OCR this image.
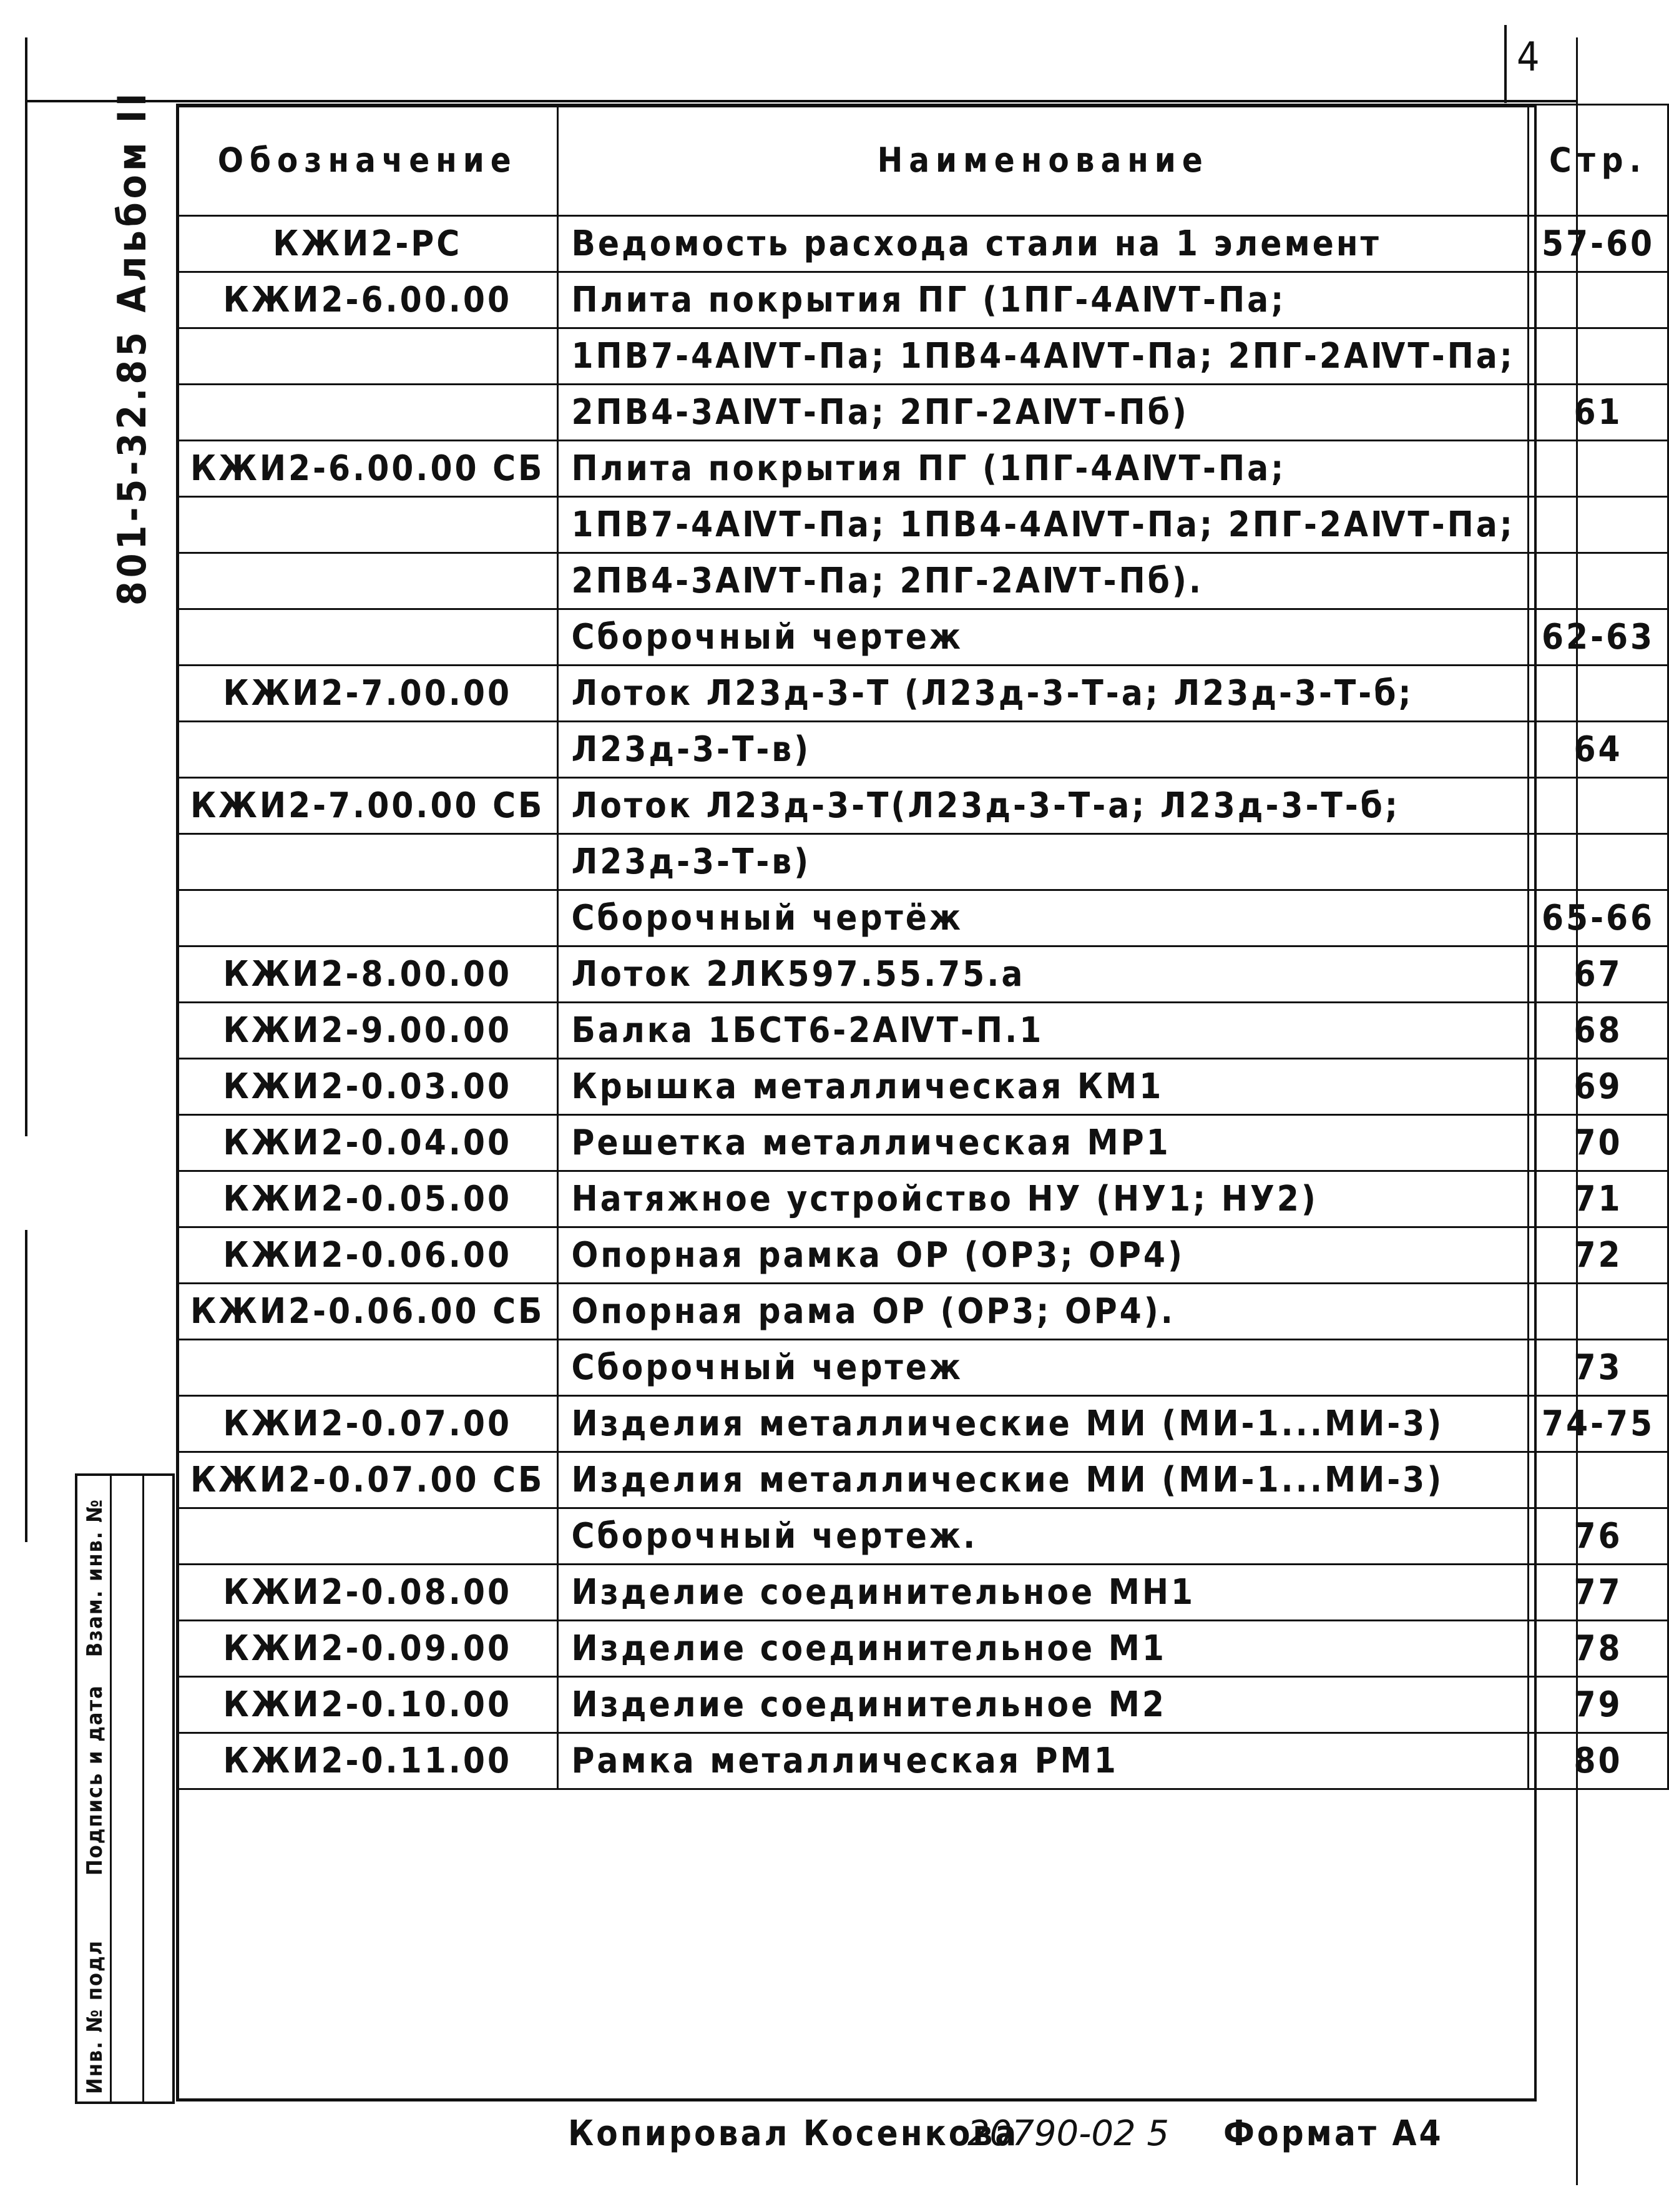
4
801-5-32.85 Альбом II Обозначение	Наименование	Стр.
КЖИ2-РС	Ведомость расхода стали на 1 элемент	57-60
КЖИ2-6.00.00	Плита покрытия ПГ (1ПГ-4АⅣТ-Па;	
	1ПВ7-4АⅣТ-Па; 1ПВ4-4АⅣТ-Па; 2ПГ-2АⅣТ-Па;	
	2ПВ4-3АⅣТ-Па; 2ПГ-2АⅣТ-Пб)	61
КЖИ2-6.00.00 СБ	Плита покрытия ПГ (1ПГ-4АⅣТ-Па;	
	1ПВ7-4АⅣТ-Па; 1ПВ4-4АⅣТ-Па; 2ПГ-2АⅣТ-Па;	
	2ПВ4-3АⅣТ-Па; 2ПГ-2АⅣТ-Пб).	
	Сборочный чертеж	62-63
КЖИ2-7.00.00	Лоток Л23д-3-Т (Л23д-3-Т-а; Л23д-3-Т-б;	
	Л23д-3-Т-в)	64
КЖИ2-7.00.00 СБ	Лоток Л23д-3-Т(Л23д-3-Т-а; Л23д-3-Т-б;	
	Л23д-3-Т-в)	
	Сборочный чертёж	65-66
КЖИ2-8.00.00	Лоток 2ЛК597.55.75.а	67
КЖИ2-9.00.00	Балка 1БСТ6-2АⅣТ-П.1	68
КЖИ2-0.03.00	Крышка металлическая КМ1	69
КЖИ2-0.04.00	Решетка металлическая МР1	70
КЖИ2-0.05.00	Натяжное устройство НУ (НУ1; НУ2)	71
КЖИ2-0.06.00	Опорная рамка ОР (ОР3; ОР4)	72
КЖИ2-0.06.00 СБ	Опорная рама ОР (ОР3; ОР4).	
	Сборочный чертеж	73
КЖИ2-0.07.00	Изделия металлические МИ (МИ-1...МИ-3)	74-75
КЖИ2-0.07.00 СБ	Изделия металлические МИ (МИ-1...МИ-3)	
	Сборочный чертеж.	76
КЖИ2-0.08.00	Изделие соединительное МН1	77
КЖИ2-0.09.00	Изделие соединительное М1	78
КЖИ2-0.10.00	Изделие соединительное М2	79
КЖИ2-0.11.00	Рамка металлическая РМ1	80
Инв. № подл
Подпись и дата
Взам. инв. №
Копировал Косенкова
20790-02 5 Формат А4
